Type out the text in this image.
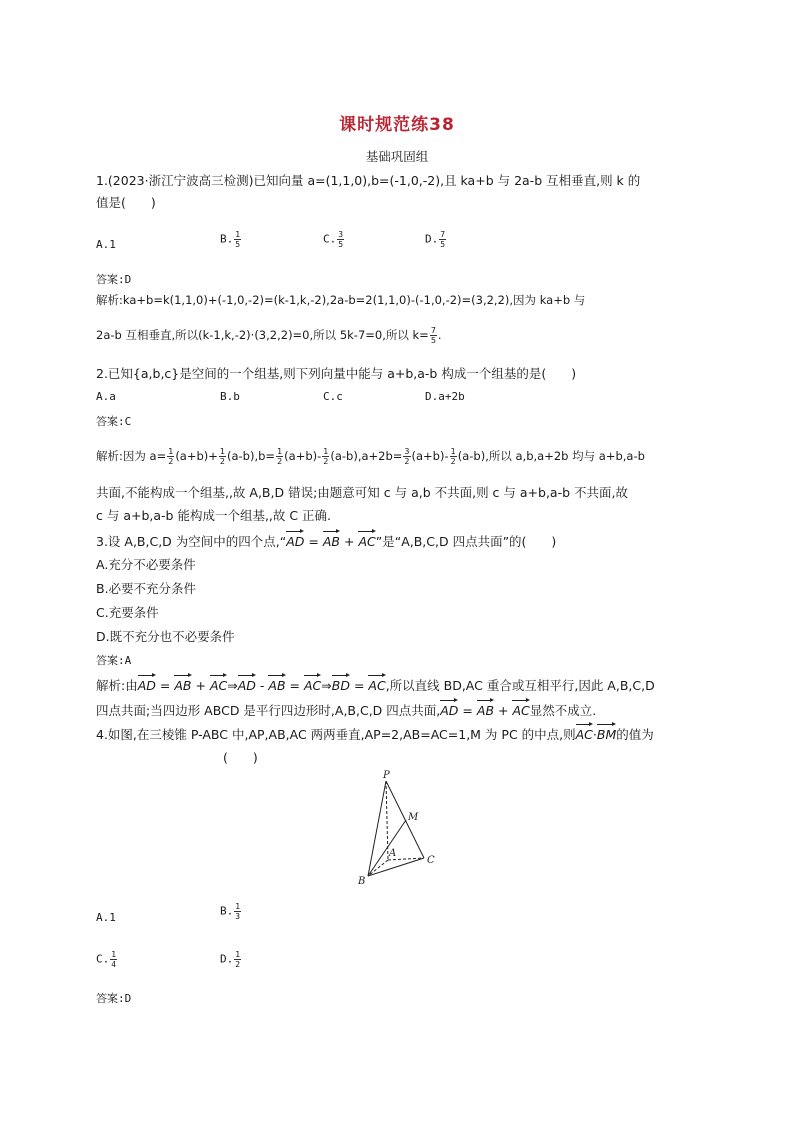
课时规范练38
基础巩固组
1.(2023·浙江宁波高三检测)已知向量 a=(1,1,0),b=(-1,0,-2),且 ka+b 与 2a-b 互相垂直,则 k 的
值是(　　)
A.1	B. $\frac{1}{5}$	C. $\frac{3}{5}$	D. $\frac{7}{5}$
答案:D
解析:ka+b=k(1,1,0)+(-1,0,-2)=(k-1,k,-2),2a-b=2(1,1,0)-(-1,0,-2)=(3,2,2),因为 ka+b 与
2a-b 互相垂直,所以(k-1,k,-2)·(3,2,2)=0,所以 5k-7=0,所以 $k= \frac{7}{5}$ .
2.已知{a,b,c}是空间的一个组基,则下列向量中能与 a+b,a-b 构成一个组基的是(　　)
A.a	B.b	C.c	D.a+2b
答案:C
解析:因为 $a= \frac{1}{2} (a+b)+ \frac{1}{2} (a-b),b= \frac{1}{2} (a+b)- \frac{1}{2} (a-b),a+2b= \frac{3}{2} (a+b)- \frac{1}{2} (a-b)$,所以 a,b,a+2b 均与 a+b,a-b
共面,不能构成一个组基,,故 A,B,D 错误;由题意可知 c 与 a,b 不共面,则 c 与 a+b,a-b 不共面,故
c 与 a+b,a-b 能构成一个组基,,故 C 正确.
3.设 A,B,C,D 为空间中的四个点,“AD = AB + AC”是“A,B,C,D 四点共面”的(　　)
A.充分不必要条件
B.必要不充分条件
C.充要条件
D.既不充分也不必要条件
答案:A
解析:由AD = AB + AC⇒AD - AB = AC⇒BD = AC,所以直线 BD,AC 重合或互相平行,因此 A,B,C,D
四点共面;当四边形 ABCD 是平行四边形时,A,B,C,D 四点共面,AD = AB + AC显然不成立.
4.如图,在三棱锥 P-ABC 中,AP,AB,AC 两两垂直,AP=2,AB=AC=1,M 为 PC 的中点,则AC·BM的值为
(　　)
P
M
A
B
C
A.1	B. $\frac{1}{3}$
C. $\frac{1}{4}$	D. $\frac{1}{2}$
答案:D
